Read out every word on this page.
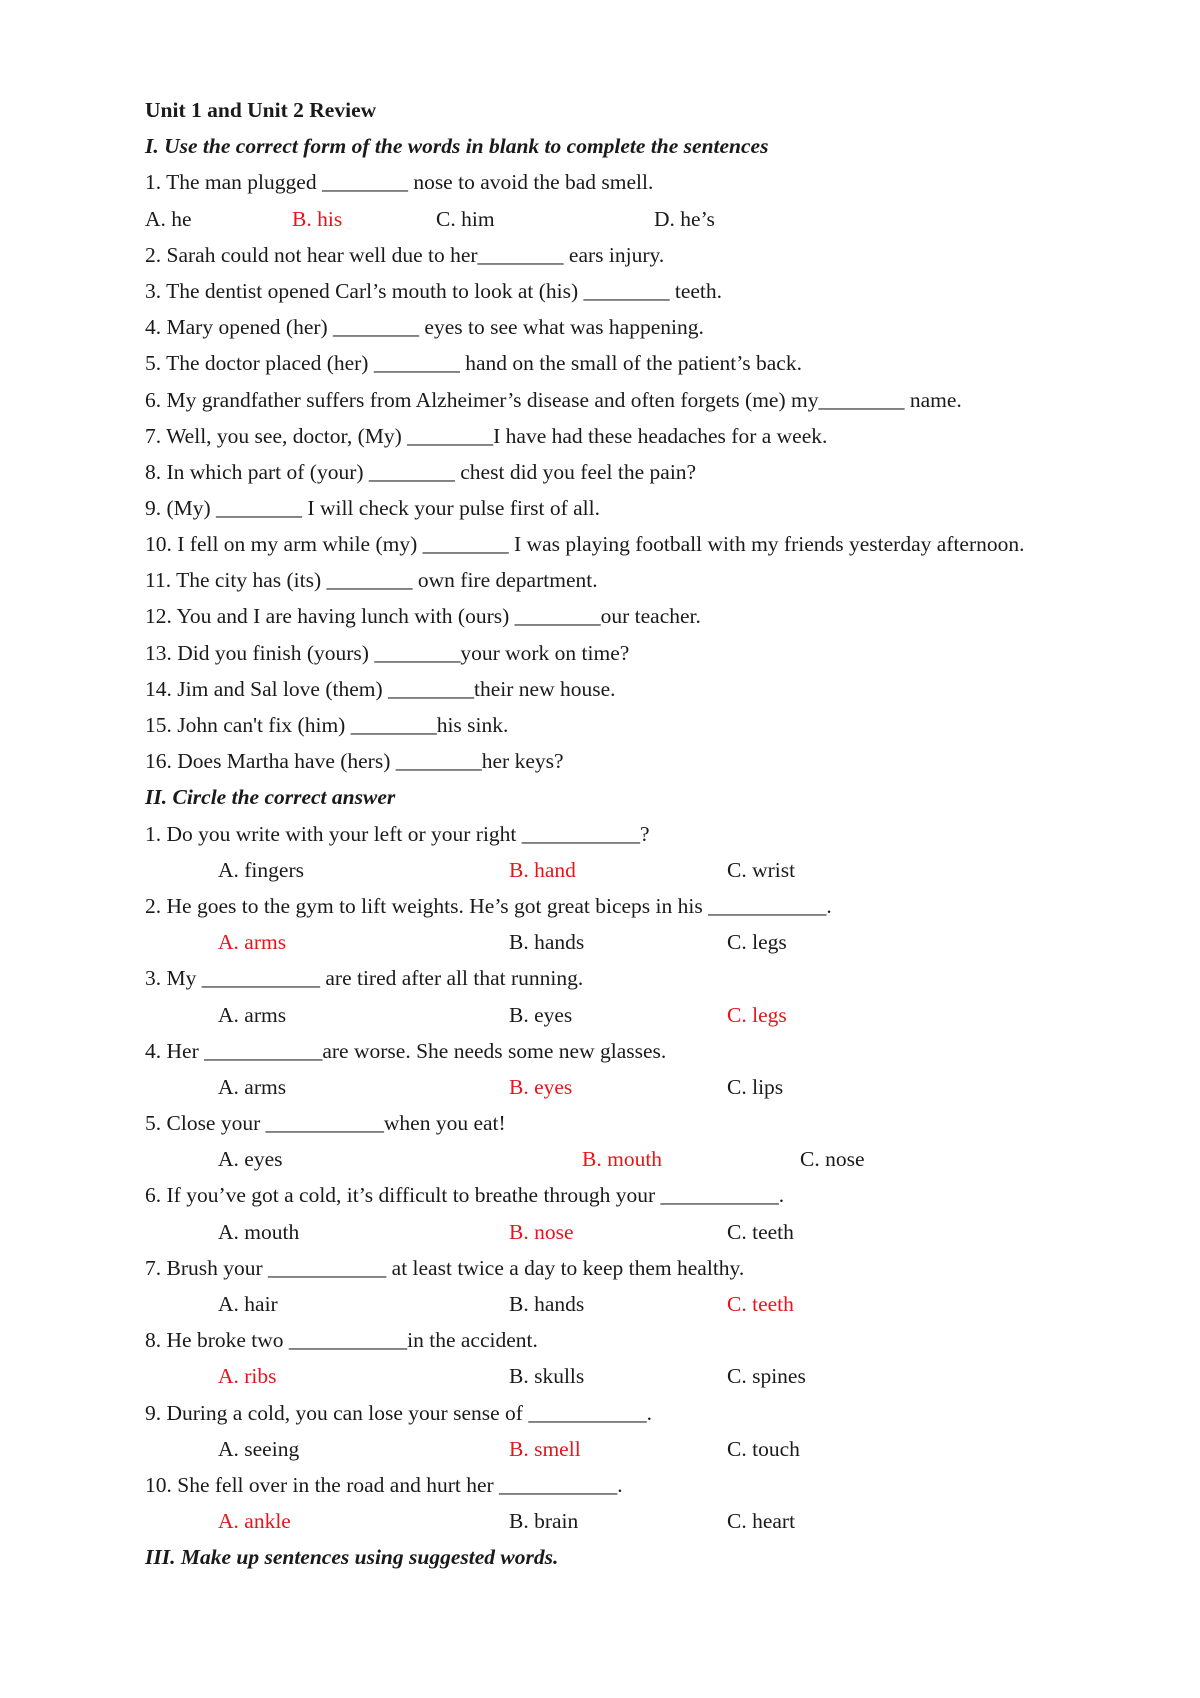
Unit 1 and Unit 2 Review
I. Use the correct form of the words in blank to complete the sentences
1. The man plugged ________ nose to avoid the bad smell.
A. he	B. his	C. him	D. he’s
2. Sarah could not hear well due to her________ ears injury.
3. The dentist opened Carl’s mouth to look at (his) ________ teeth.
4. Mary opened (her) ________ eyes to see what was happening.
5. The doctor placed (her) ________ hand on the small of the patient’s back.
6. My grandfather suffers from Alzheimer’s disease and often forgets (me) my________ name.
7. Well, you see, doctor, (My) ________I have had these headaches for a week.
8. In which part of (your) ________ chest did you feel the pain?
9. (My) ________ I will check your pulse first of all.
10. I fell on my arm while (my) ________ I was playing football with my friends yesterday afternoon.
11. The city has (its) ________ own fire department.
12. You and I are having lunch with (ours) ________our teacher.
13. Did you finish (yours) ________your work on time?
14. Jim and Sal love (them) ________their new house.
15. John can't fix (him) ________his sink.
16. Does Martha have (hers) ________her keys?
II. Circle the correct answer
1. Do you write with your left or your right ___________?
A. fingers	B. hand	C. wrist
2. He goes to the gym to lift weights. He’s got great biceps in his ___________.
A. arms	B. hands	C. legs
3. My ___________ are tired after all that running.
A. arms	B. eyes	C. legs
4. Her ___________are worse. She needs some new glasses.
A. arms	B. eyes	C. lips
5. Close your ___________when you eat!
A. eyes	B. mouth	C. nose
6. If you’ve got a cold, it’s difficult to breathe through your ___________.
A. mouth	B. nose	C. teeth
7. Brush your ___________ at least twice a day to keep them healthy.
A. hair	B. hands	C. teeth
8. He broke two ___________in the accident.
A. ribs	B. skulls	C. spines
9. During a cold, you can lose your sense of ___________.
A. seeing	B. smell	C. touch
10. She fell over in the road and hurt her ___________.
A. ankle	B. brain	C. heart
III. Make up sentences using suggested words.
